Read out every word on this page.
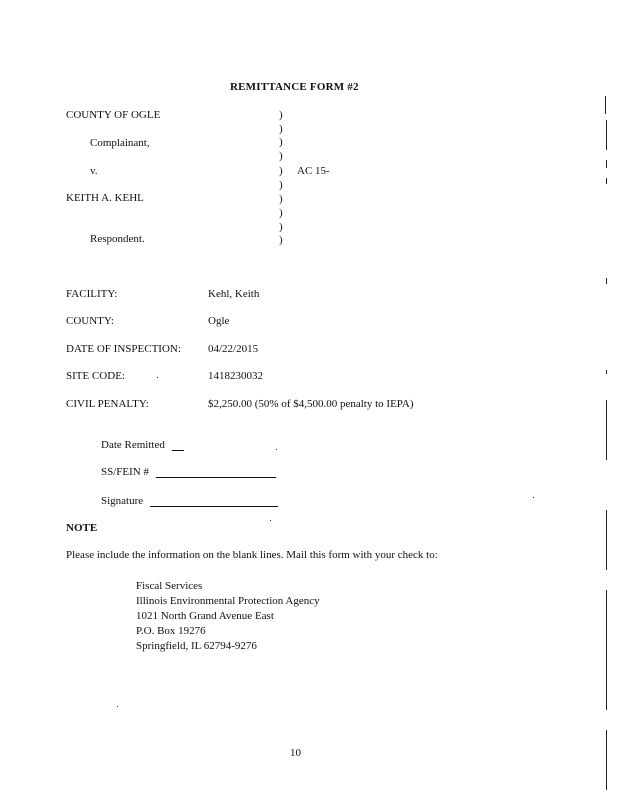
REMITTANCE FORM #2
COUNTY OF OGLE
Complainant,
v.
KEITH A. KEHL
Respondent.
AC 15-
)
)
)
)
)
)
)
)
)
)
FACILITY:	Kehl, Keith
COUNTY:	Ogle
DATE OF INSPECTION: 04/22/2015
SITE CODE:	1418230032
CIVIL PENALTY:	$2,250.00 (50% of $4,500.00 penalty to IEPA)
Date Remitted
SS/FEIN #
Signature
NOTE
Please include the information on the blank lines. Mail this form with your check to:
Fiscal Services
Illinois Environmental Protection Agency
1021 North Grand Avenue East
P.O. Box 19276
Springfield, IL 62794-9276
10
